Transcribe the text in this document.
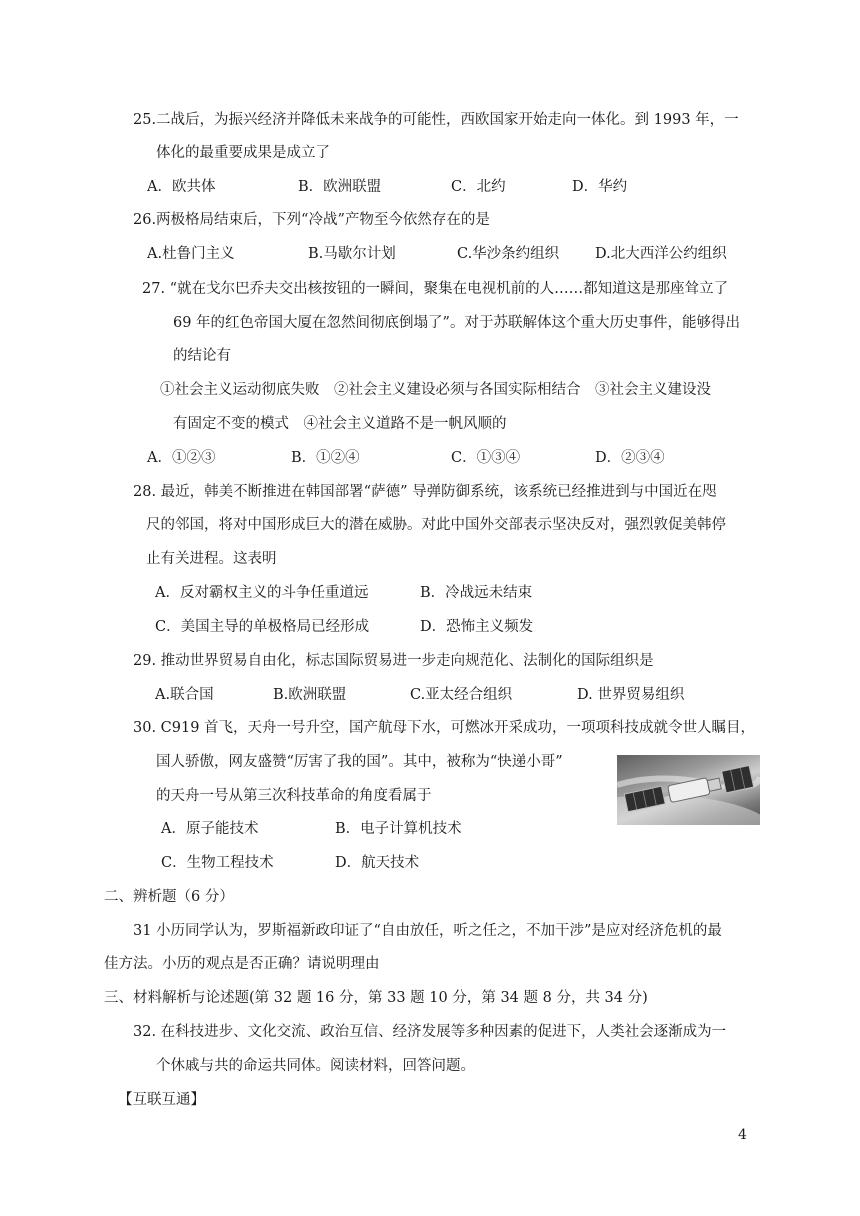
25.二战后，为振兴经济并降低未来战争的可能性，西欧国家开始走向一体化。到 1993 年，一
体化的最重要成果是成立了
A．欧共体	B．欧洲联盟	C．北约	D．华约
26.两极格局结束后，下列“冷战”产物至今依然存在的是
A.杜鲁门主义	B.马歇尔计划	C.华沙条约组织 D.北大西洋公约组织
27. “就在戈尔巴乔夫交出核按钮的一瞬间，聚集在电视机前的人……都知道这是那座耸立了
69 年的红色帝国大厦在忽然间彻底倒塌了”。对于苏联解体这个重大历史事件，能够得出
的结论有
①社会主义运动彻底失败　②社会主义建设必须与各国实际相结合　③社会主义建设没
有固定不变的模式　④社会主义道路不是一帆风顺的
A．①②③	B．①②④	C．①③④	D．②③④
28. 最近，韩美不断推进在韩国部署“萨德” 导弹防御系统，该系统已经推进到与中国近在咫
尺的邻国，将对中国形成巨大的潜在威胁。对此中国外交部表示坚决反对，强烈敦促美韩停
止有关进程。这表明
A．反对霸权主义的斗争任重道远	B．冷战远未结束
C．美国主导的单极格局已经形成	D．恐怖主义频发
29. 推动世界贸易自由化，标志国际贸易进一步走向规范化、法制化的国际组织是
A.联合国	B.欧洲联盟	C.亚太经合组织	D. 世界贸易组织
30. C919 首飞，天舟一号升空，国产航母下水，可燃冰开采成功，一项项科技成就令世人瞩目，
国人骄傲，网友盛赞“厉害了我的国”。其中，被称为“快递小哥”
的天舟一号从第三次科技革命的角度看属于
A．原子能技术	B．电子计算机技术
C．生物工程技术	D．航天技术
二、辨析题（6 分）
31 小历同学认为，罗斯福新政印证了“自由放任，听之任之，不加干涉”是应对经济危机的最
佳方法。小历的观点是否正确？请说明理由
三、材料解析与论述题(第 32 题 16 分，第 33 题 10 分，第 34 题 8 分，共 34 分)
32. 在科技进步、文化交流、政治互信、经济发展等多种因素的促进下，人类社会逐渐成为一
个休戚与共的命运共同体。阅读材料，回答问题。
【互联互通】
4
